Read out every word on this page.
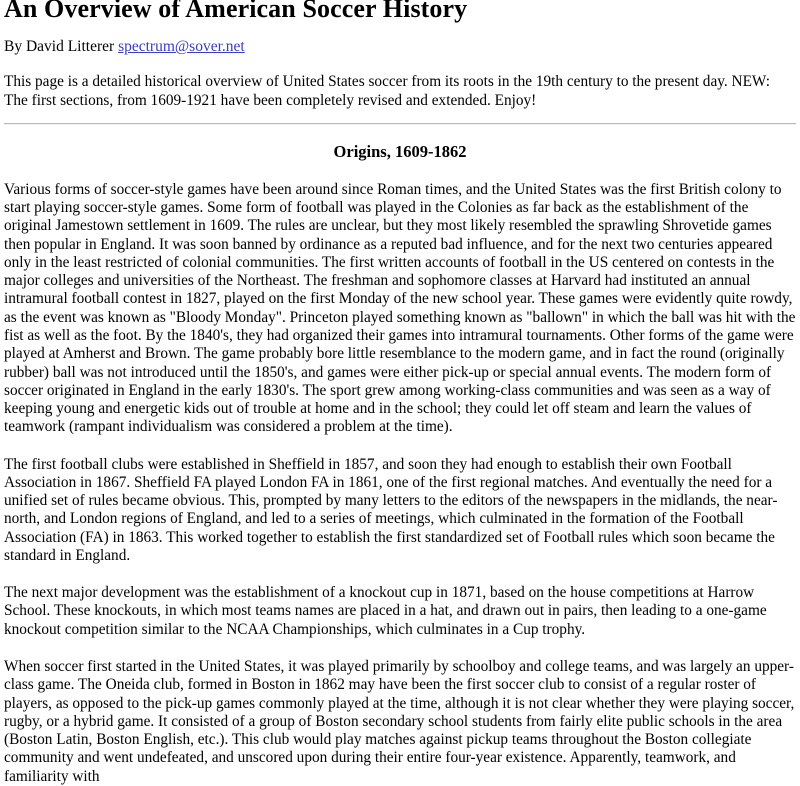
An Overview of American Soccer History

By David Litterer spectrum@sover.net

This page is a detailed historical overview of United States soccer from its roots in the 19th century to the present day. NEW: The first sections, from 1609-1921 have been completely revised and extended. Enjoy!

Origins, 1609-1862

Various forms of soccer-style games have been around since Roman times, and the United States was the first British colony to start playing soccer-style games. Some form of football was played in the Colonies as far back as the establishment of the original Jamestown settlement in 1609. The rules are unclear, but they most likely resembled the sprawling Shrovetide games then popular in England. It was soon banned by ordinance as a reputed bad influence, and for the next two centuries appeared only in the least restricted of colonial communities. The first written accounts of football in the US centered on contests in the major colleges and universities of the Northeast. The freshman and sophomore classes at Harvard had instituted an annual intramural football contest in 1827, played on the first Monday of the new school year. These games were evidently quite rowdy, as the event was known as "Bloody Monday". Princeton played something known as "ballown" in which the ball was hit with the fist as well as the foot. By the 1840's, they had organized their games into intramural tournaments. Other forms of the game were played at Amherst and Brown. The game probably bore little resemblance to the modern game, and in fact the round (originally rubber) ball was not introduced until the 1850's, and games were either pick-up or special annual events. The modern form of soccer originated in England in the early 1830's. The sport grew among working-class communities and was seen as a way of keeping young and energetic kids out of trouble at home and in the school; they could let off steam and learn the values of teamwork (rampant individualism was considered a problem at the time).

The first football clubs were established in Sheffield in 1857, and soon they had enough to establish their own Football Association in 1867. Sheffield FA played London FA in 1861, one of the first regional matches. And eventually the need for a unified set of rules became obvious. This, prompted by many letters to the editors of the newspapers in the midlands, the near-north, and London regions of England, and led to a series of meetings, which culminated in the formation of the Football Association (FA) in 1863. This worked together to establish the first standardized set of Football rules which soon became the standard in England.

The next major development was the establishment of a knockout cup in 1871, based on the house competitions at Harrow School. These knockouts, in which most teams names are placed in a hat, and drawn out in pairs, then leading to a one-game knockout competition similar to the NCAA Championships, which culminates in a Cup trophy.

When soccer first started in the United States, it was played primarily by schoolboy and college teams, and was largely an upper-class game. The Oneida club, formed in Boston in 1862 may have been the first soccer club to consist of a regular roster of players, as opposed to the pick-up games commonly played at the time, although it is not clear whether they were playing soccer, rugby, or a hybrid game. It consisted of a group of Boston secondary school students from fairly elite public schools in the area (Boston Latin, Boston English, etc.). This club would play matches against pickup teams throughout the Boston collegiate community and went undefeated, and unscored upon during their entire four-year existence. Apparently, teamwork, and familiarity with
